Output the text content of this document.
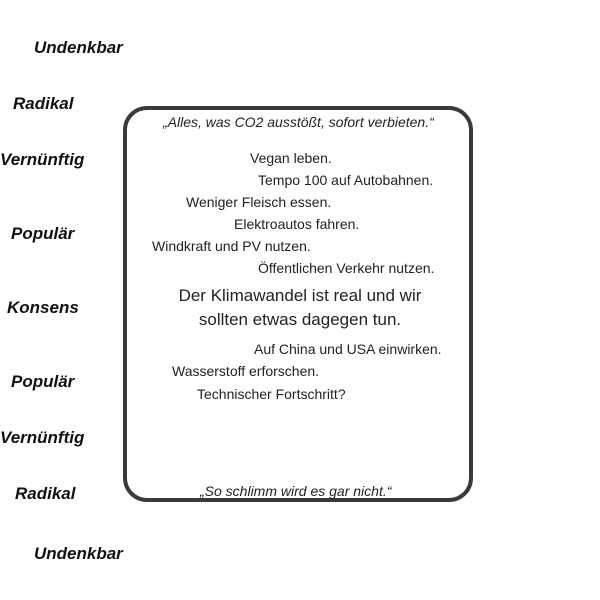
Undenkbar
Radikal
Vernünftig
Populär
Konsens
Populär
Vernünftig
Radikal
Undenkbar
„Alles, was CO2 ausstößt, sofort verbieten.“
„So schlimm wird es gar nicht.“
Vegan leben.
Tempo 100 auf Autobahnen.
Weniger Fleisch essen.
Elektroautos fahren.
Windkraft und PV nutzen.
Öffentlichen Verkehr nutzen.
Der Klimawandel ist real und wir
sollten etwas dagegen tun.
Auf China und USA einwirken.
Wasserstoff erforschen.
Technischer Fortschritt?
